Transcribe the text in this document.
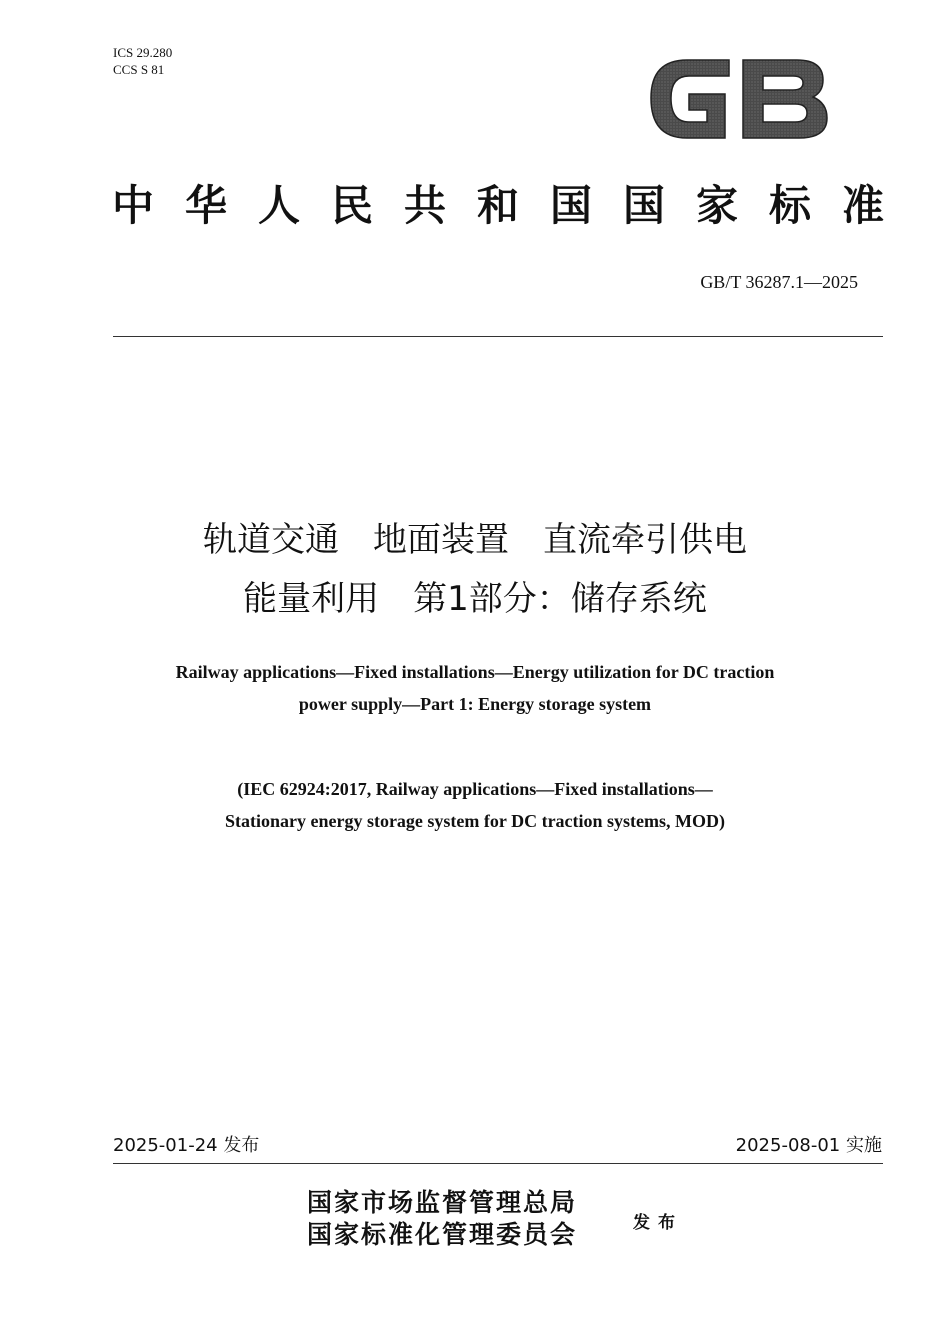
ICS 29.280
CCS S 81
中华人民共和国国家标准
GB/T 36287.1—2025
轨道交通　地面装置　直流牵引供电
能量利用　第1部分：储存系统
Railway applications—Fixed installations—Energy utilization for DC traction
power supply—Part 1: Energy storage system
(IEC 62924:2017, Railway applications—Fixed installations—
Stationary energy storage system for DC traction systems, MOD)
2025-01-24 发布	2025-08-01 实施
国家市场监督管理总局
国家标准化管理委员会	发布
